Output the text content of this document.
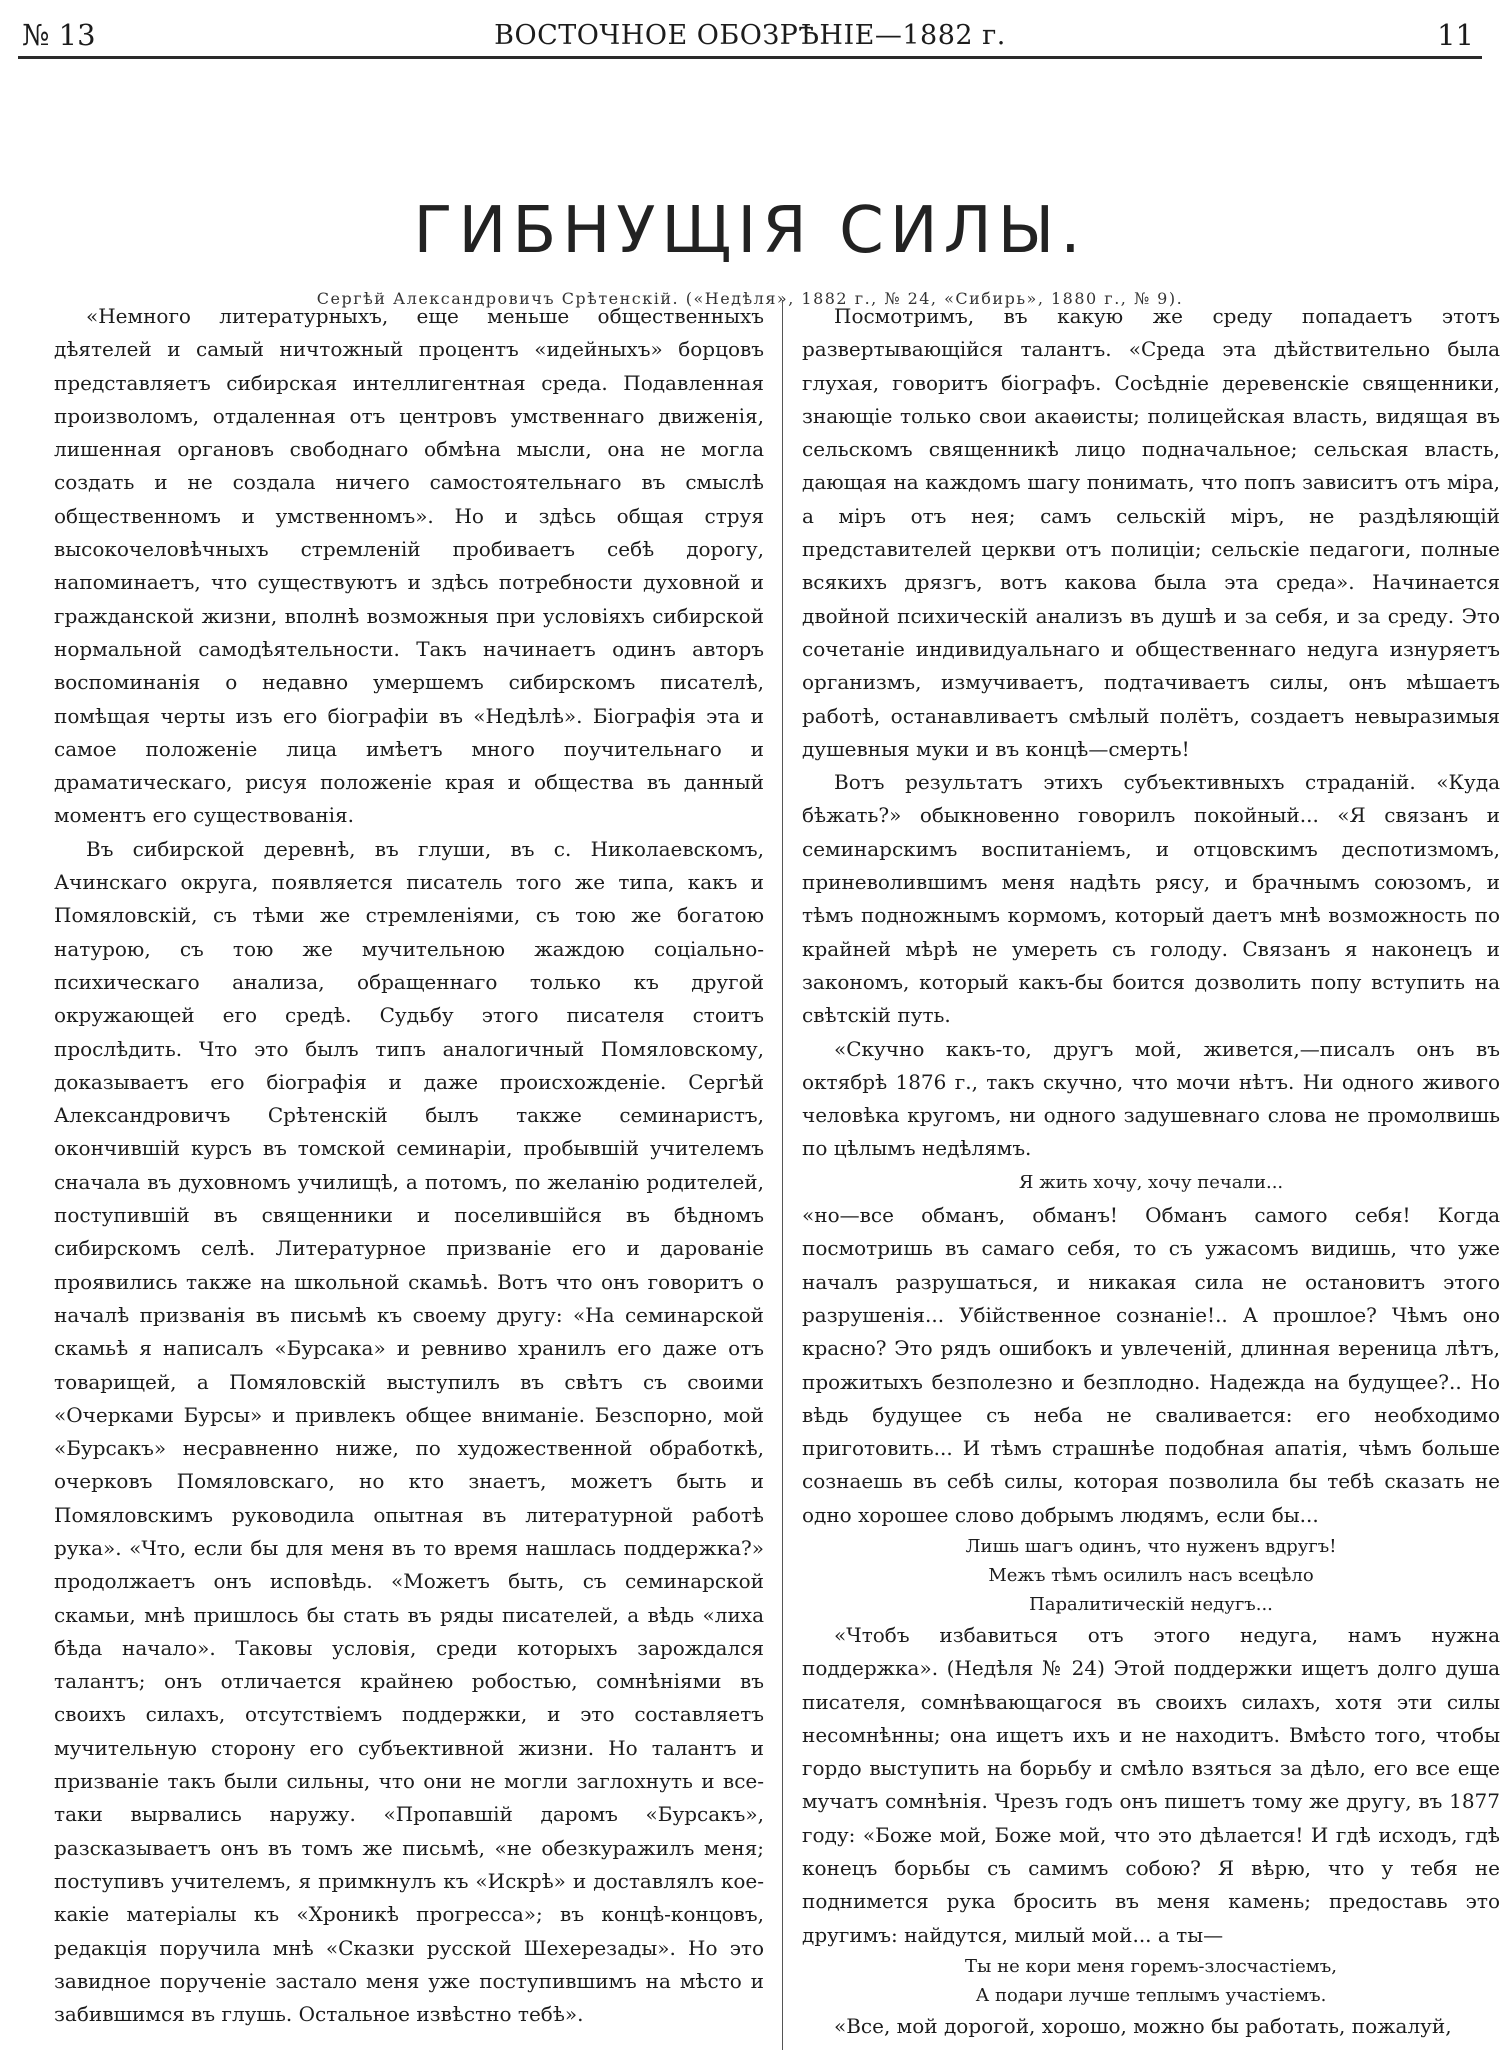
№ 13	ВОСТОЧНОЕ ОБОЗРѢНІЕ—1882 г.	11
ГИБНУЩІЯ СИЛЫ.
Сергѣй Александровичъ Срѣтенскій. («Недѣля», 1882 г., № 24, «Сибирь», 1880 г., № 9).

«Немного литературныхъ, еще меньше общественныхъ дѣятелей и самый ничтожный процентъ «идейныхъ» борцовъ представляетъ сибирская интеллигентная среда. Подавленная произволомъ, отдаленная отъ центровъ умственнаго движенія, лишенная органовъ свободнаго обмѣна мысли, она не могла создать и не создала ничего самостоятельнаго въ смыслѣ общественномъ и умственномъ». Но и здѣсь общая струя высокочеловѣчныхъ стремленій пробиваетъ себѣ дорогу, напоминаетъ, что существуютъ и здѣсь потребности духовной и гражданской жизни, вполнѣ возможныя при условіяхъ сибирской нормальной самодѣятельности. Такъ начинаетъ одинъ авторъ воспоминанія о недавно умершемъ сибирскомъ писателѣ, помѣщая черты изъ его біографіи въ «Недѣлѣ». Біографія эта и самое положеніе лица имѣетъ много поучительнаго и драматическаго, рисуя положеніе края и общества въ данный моментъ его существованія.

Въ сибирской деревнѣ, въ глуши, въ с. Николаевскомъ, Ачинскаго округа, появляется писатель того же типа, какъ и Помяловскій, съ тѣми же стремленіями, съ тою же богатою натурою, съ тою же мучительною жаждою соціально-психическаго анализа, обращеннаго только къ другой окружающей его средѣ. Судьбу этого писателя стоитъ прослѣдить. Что это былъ типъ аналогичный Помяловскому, доказываетъ его біографія и даже происхожденіе. Сергѣй Александровичъ Срѣтенскій былъ также семинаристъ, окончившій курсъ въ томской семинаріи, пробывшій учителемъ сначала въ духовномъ училищѣ, а потомъ, по желанію родителей, поступившій въ священники и поселившійся въ бѣдномъ сибирскомъ селѣ. Литературное призваніе его и дарованіе проявились также на школьной скамьѣ. Вотъ что онъ говоритъ о началѣ призванія въ письмѣ къ своему другу: «На семинарской скамьѣ я написалъ «Бурсака» и ревниво хранилъ его даже отъ товарищей, а Помяловскій выступилъ въ свѣтъ съ своими «Очерками Бурсы» и привлекъ общее вниманіе. Безспорно, мой «Бурсакъ» несравненно ниже, по художественной обработкѣ, очерковъ Помяловскаго, но кто знаетъ, можетъ быть и Помяловскимъ руководила опытная въ литературной работѣ рука». «Что, если бы для меня въ то время нашлась поддержка?» продолжаетъ онъ исповѣдь. «Можетъ быть, съ семинарской скамьи, мнѣ пришлось бы стать въ ряды писателей, а вѣдь «лиха бѣда начало». Таковы условія, среди которыхъ зарождался талантъ; онъ отличается крайнею робостью, сомнѣніями въ своихъ силахъ, отсутствіемъ поддержки, и это составляетъ мучительную сторону его субъективной жизни. Но талантъ и призваніе такъ были сильны, что они не могли заглохнуть и все-таки вырвались наружу. «Пропавшій даромъ «Бурсакъ», разсказываетъ онъ въ томъ же письмѣ, «не обезкуражилъ меня; поступивъ учителемъ, я примкнулъ къ «Искрѣ» и доставлялъ кое-какіе матеріалы къ «Хроникѣ прогресса»; въ концѣ-концовъ, редакція поручила мнѣ «Сказки русской Шехерезады». Но это завидное порученіе застало меня уже поступившимъ на мѣсто и забившимся въ глушь. Остальное извѣстно тебѣ».

Посмотримъ, въ какую же среду попадаетъ этотъ развертывающійся талантъ. «Среда эта дѣйствительно была глухая, говоритъ біографъ. Сосѣдніе деревенскіе священники, знающіе только свои акаѳисты; полицейская власть, видящая въ сельскомъ священникѣ лицо подначальное; сельская власть, дающая на каждомъ шагу понимать, что попъ зависитъ отъ міра, а міръ отъ нея; самъ сельскій міръ, не раздѣляющій представителей церкви отъ полиціи; сельскіе педагоги, полные всякихъ дрязгъ, вотъ какова была эта среда». Начинается двойной психическій анализъ въ душѣ и за себя, и за среду. Это сочетаніе индивидуальнаго и общественнаго недуга изнуряетъ организмъ, измучиваетъ, подтачиваетъ силы, онъ мѣшаетъ работѣ, останавливаетъ смѣлый полётъ, создаетъ невыразимыя душевныя муки и въ концѣ—смерть!

Вотъ результатъ этихъ субъективныхъ страданій. «Куда бѣжать?» обыкновенно говорилъ покойный... «Я связанъ и семинарскимъ воспитаніемъ, и отцовскимъ деспотизмомъ, приневолившимъ меня надѣть рясу, и брачнымъ союзомъ, и тѣмъ подножнымъ кормомъ, который даетъ мнѣ возможность по крайней мѣрѣ не умереть съ голоду. Связанъ я наконецъ и закономъ, который какъ-бы боится дозволить попу вступить на свѣтскій путь.

«Скучно какъ-то, другъ мой, живется,—писалъ онъ въ октябрѣ 1876 г., такъ скучно, что мочи нѣтъ. Ни одного живого человѣка кругомъ, ни одного задушевнаго слова не промолвишь по цѣлымъ недѣлямъ.

Я жить хочу, хочу печали...

«но—все обманъ, обманъ! Обманъ самого себя! Когда посмотришь въ самаго себя, то съ ужасомъ видишь, что уже началъ разрушаться, и никакая сила не остановитъ этого разрушенія... Убійственное сознаніе!.. А прошлое? Чѣмъ оно красно? Это рядъ ошибокъ и увлеченій, длинная вереница лѣтъ, прожитыхъ безполезно и безплодно. Надежда на будущее?.. Но вѣдь будущее съ неба не сваливается: его необходимо приготовить... И тѣмъ страшнѣе подобная апатія, чѣмъ больше сознаешь въ себѣ силы, которая позволила бы тебѣ сказать не одно хорошее слово добрымъ людямъ, если бы...

Лишь шагъ одинъ, что нуженъ вдругъ!
Межъ тѣмъ осилилъ насъ всецѣло
Паралитическій недугъ...

«Чтобъ избавиться отъ этого недуга, намъ нужна поддержка». (Недѣля № 24) Этой поддержки ищетъ долго душа писателя, сомнѣвающагося въ своихъ силахъ, хотя эти силы несомнѣнны; она ищетъ ихъ и не находитъ. Вмѣсто того, чтобы гордо выступить на борьбу и смѣло взяться за дѣло, его все еще мучатъ сомнѣнія. Чрезъ годъ онъ пишетъ тому же другу, въ 1877 году: «Боже мой, Боже мой, что это дѣлается! И гдѣ исходъ, гдѣ конецъ борьбы съ самимъ собою? Я вѣрю, что у тебя не поднимется рука бросить въ меня камень; предоставь это другимъ: найдутся, милый мой... а ты—

Ты не кори меня горемъ-злосчастіемъ,
А подари лучше теплымъ участіемъ.

«Все, мой дорогой, хорошо, можно бы работать, пожалуй,
